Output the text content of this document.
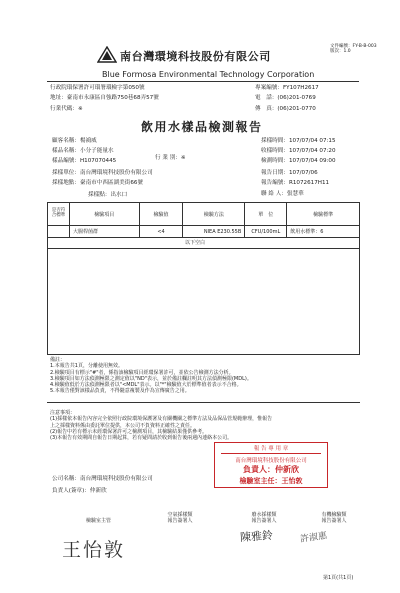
文件編號：FY-B-B-003
版次：1.0
南台灣環境科技股份有限公司
Blue Formosa Environmental Technology Corporation
行政院環保署許可環署環檢字第050號
地址：臺南市永康區自強路750巷68弄57號
行業代碼：※
專案編號：FY107H2617
電　話：(06)201-0769
傳　真：(06)201-0770
飲用水樣品檢測報告
顧客名稱：楊鴻威
樣品名稱：小分子能量水
樣品編號：H107070445	行 業 別：※
採樣單位：南台灣環境科技股份有限公司
採樣地點：臺南市中西區湖美街66號
採樣點：出水口
採樣時間：107/07/04 07:15
收樣時間：107/07/04 07:20
檢測時間：107/07/04 09:00
報告日期：107/07/06
報告編號：R1072617H11
聯 絡 人：張慧華
是否符合標準	檢驗項目	檢驗值	檢驗方法	單　位	檢驗標準
	大腸桿菌群	<4	NIEA E230.55B	CFU/100mL	飲用水標準：6
以下空白
備註：
1.本報告共1頁，分離使用無效。
2.檢驗項目有標示"#"者，係指該檢驗項目經環保署許可，並依公告檢測方法分析。
3.檢驗項目如方法偵測極限之測定值以"ND"表示，並於備註欄註明其方法偵測極限(MDL)。
4.檢驗值低於方法偵測極限者以"<MDL"表示。以"*"檢驗值大於標準值者表示不合格。
5.本報告僅對該樣品負責，不得隨意複製及作為宣傳廣告之用。
注意事項：
(1)採樣依本報告內容完全依照行政院環境保護署及有關機關之標準方法及品保品管規範辦理，惟報告
上之採樣資料係由委託單位提供，本公司不負資料正確性之責任。
(2)報告中若有標示未經環保署許可之檢測項目，其檢驗結果僅供參考。
(3)本報告有效期間自報告日期起算，若有疑問請於收到報告後兩週內連絡本公司。
公司名稱：南台灣環境科技股份有限公司
負責人(簽章)：仲新欣
報 告 專 用 章
南台灣環境科技股份有限公司
負責人：仲新欣
檢驗室主任：王怡敦
檢驗室主管
空氣採樣類
報告簽署人
廢水採樣類
報告簽署人
有機檢驗類
報告簽署人
王怡敦
陳雅鈴	許淑惠
第1頁(共1頁)
